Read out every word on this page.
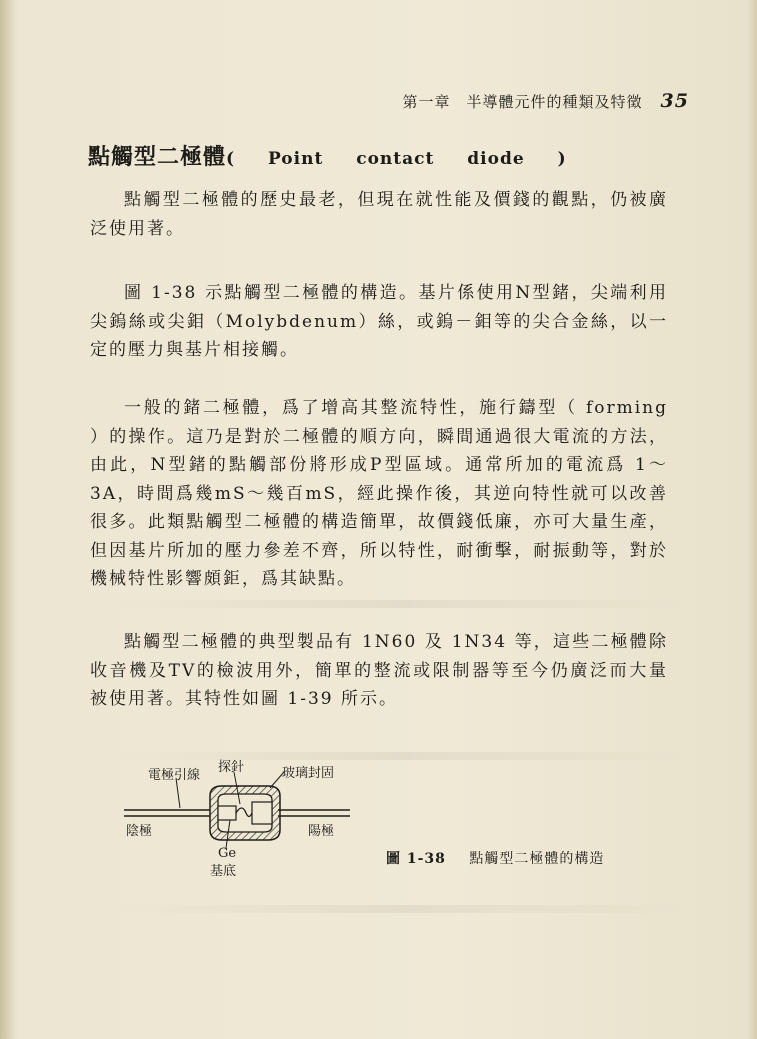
第一章　半導體元件的種類及特徵 35
點觸型二極體( Point contact diode )

點觸型二極體的歷史最老，但現在就性能及價錢的觀點，仍被廣泛使用著。

圖 1-38 示點觸型二極體的構造。基片係使用N型鍺，尖端利用尖鎢絲或尖鉬（Molybdenum）絲，或鎢－鉬等的尖合金絲，以一定的壓力與基片相接觸。

一般的鍺二極體，爲了增高其整流特性，施行鑄型（ forming ）的操作。這乃是對於二極體的順方向，瞬間通過很大電流的方法，由此，N型鍺的點觸部份將形成P型區域。通常所加的電流爲 1～3A，時間爲幾mS～幾百mS，經此操作後，其逆向特性就可以改善很多。此類點觸型二極體的構造簡單，故價錢低廉，亦可大量生產，但因基片所加的壓力參差不齊，所以特性，耐衝擊，耐振動等，對於機械特性影響頗鉅，爲其缺點。

點觸型二極體的典型製品有 1N60 及 1N34 等，這些二極體除收音機及TV的檢波用外，簡單的整流或限制器等至今仍廣泛而大量被使用著。其特性如圖 1-39 所示。

電極引線
探針	玻璃封固
陰極	陽極
Ge
基底
圖 1-38 點觸型二極體的構造
